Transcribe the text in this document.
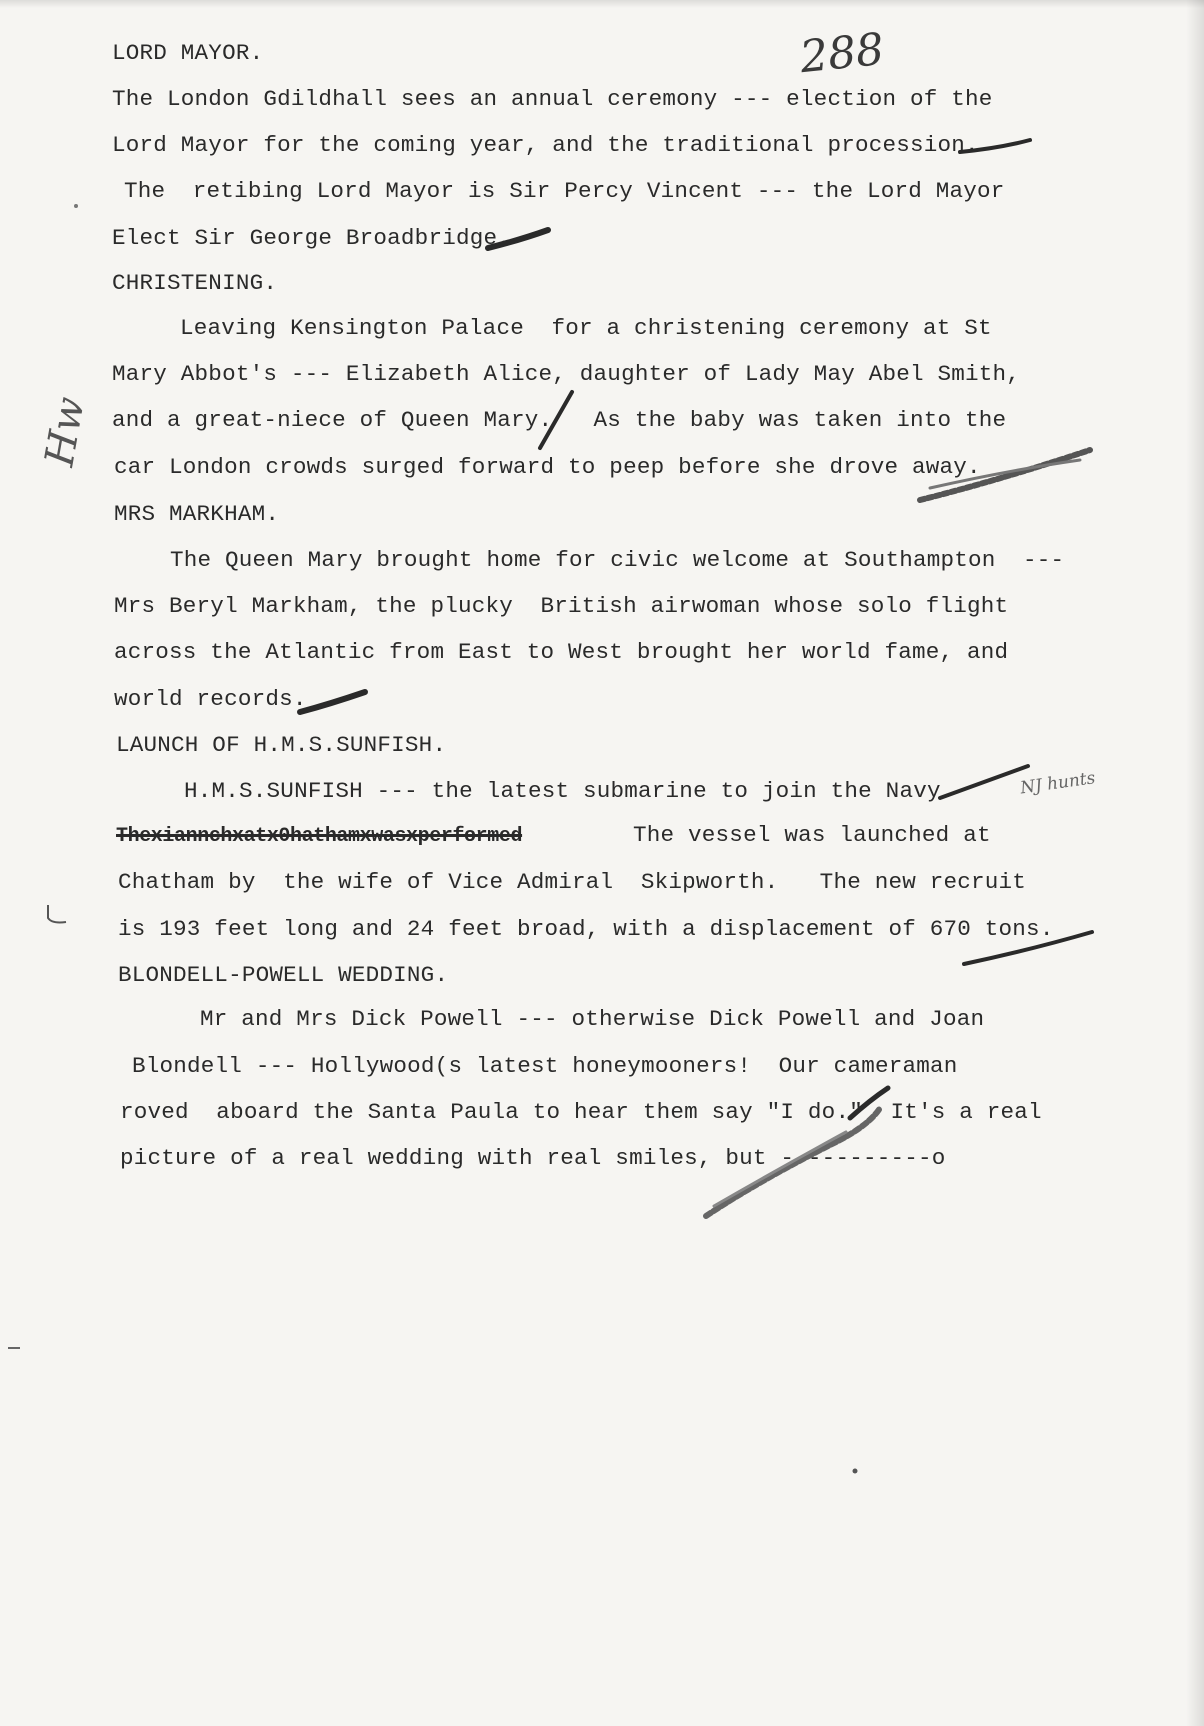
288
Hw
LORD MAYOR.
The London Gdildhall sees an annual ceremony --- election of the
Lord Mayor for the coming year, and the traditional procession.
The  retibing Lord Mayor is Sir Percy Vincent --- the Lord Mayor
Elect Sir George Broadbridge.
CHRISTENING.
Leaving Kensington Palace  for a christening ceremony at St
Mary Abbot's --- Elizabeth Alice, daughter of Lady May Abel Smith,
and a great-niece of Queen Mary.   As the baby was taken into the
car London crowds surged forward to peep before she drove away.
MRS MARKHAM.
The Queen Mary brought home for civic welcome at Southampton  ---
Mrs Beryl Markham, the plucky  British airwoman whose solo flight
across the Atlantic from East to West brought her world fame, and
world records.
LAUNCH OF H.M.S.SUNFISH.
H.M.S.SUNFISH --- the latest submarine to join the Navy.
Thexiannchxatx0hathamxwasxperformed	The vessel was launched at
Chatham by  the wife of Vice Admiral  Skipworth.   The new recruit
is 193 feet long and 24 feet broad, with a displacement of 670 tons.
BLONDELL-POWELL WEDDING.
Mr and Mrs Dick Powell --- otherwise Dick Powell and Joan
Blondell --- Hollywood(s latest honeymooners!  Our cameraman
roved  aboard the Santa Paula to hear them say "I do."  It's a real
picture of a real wedding with real smiles, but -----------o
NJ hunts
